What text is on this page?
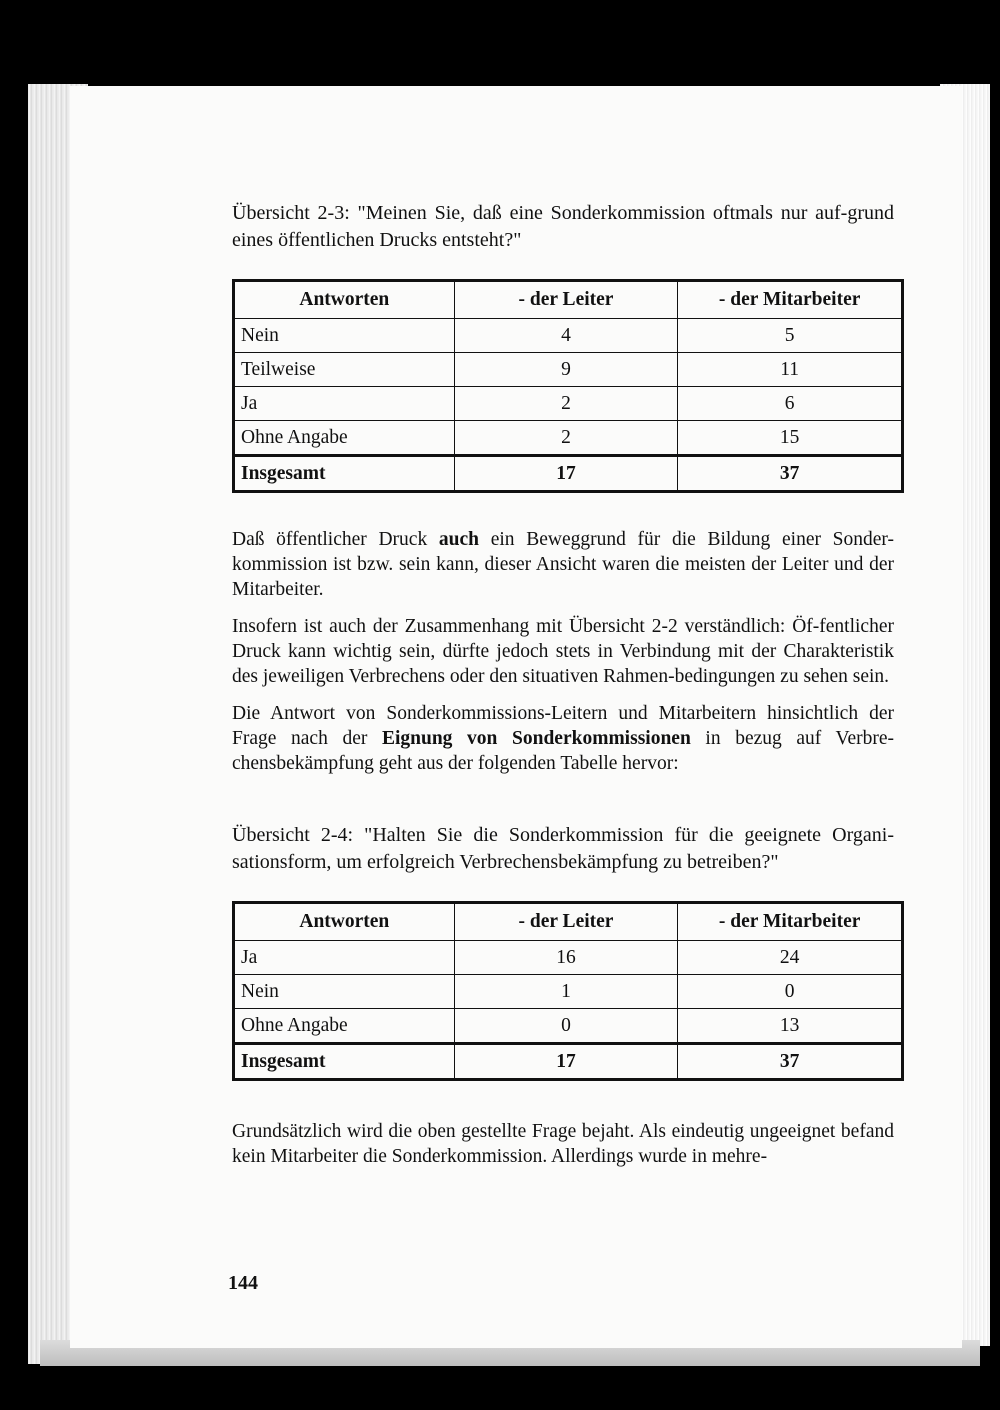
Übersicht 2-3: "Meinen Sie, daß eine Sonderkommission oftmals nur auf-grund eines öffentlichen Drucks entsteht?"

Antworten	- der Leiter	- der Mitarbeiter
Nein	4	5
Teilweise	9	11
Ja	2	6
Ohne Angabe	2	15
Insgesamt	17	37

Daß öffentlicher Druck auch ein Beweggrund für die Bildung einer Sonder-kommission ist bzw. sein kann, dieser Ansicht waren die meisten der Leiter und der Mitarbeiter.

Insofern ist auch der Zusammenhang mit Übersicht 2-2 verständlich: Öf-fentlicher Druck kann wichtig sein, dürfte jedoch stets in Verbindung mit der Charakteristik des jeweiligen Verbrechens oder den situativen Rahmen-bedingungen zu sehen sein.

Die Antwort von Sonderkommissions-Leitern und Mitarbeitern hinsichtlich der Frage nach der Eignung von Sonderkommissionen in bezug auf Verbre-chensbekämpfung geht aus der folgenden Tabelle hervor:

Übersicht 2-4: "Halten Sie die Sonderkommission für die geeignete Organi-sationsform, um erfolgreich Verbrechensbekämpfung zu betreiben?"

Antworten	- der Leiter	- der Mitarbeiter
Ja	16	24
Nein	1	0
Ohne Angabe	0	13
Insgesamt	17	37

Grundsätzlich wird die oben gestellte Frage bejaht. Als eindeutig ungeeignet befand kein Mitarbeiter die Sonderkommission. Allerdings wurde in mehre-

144
